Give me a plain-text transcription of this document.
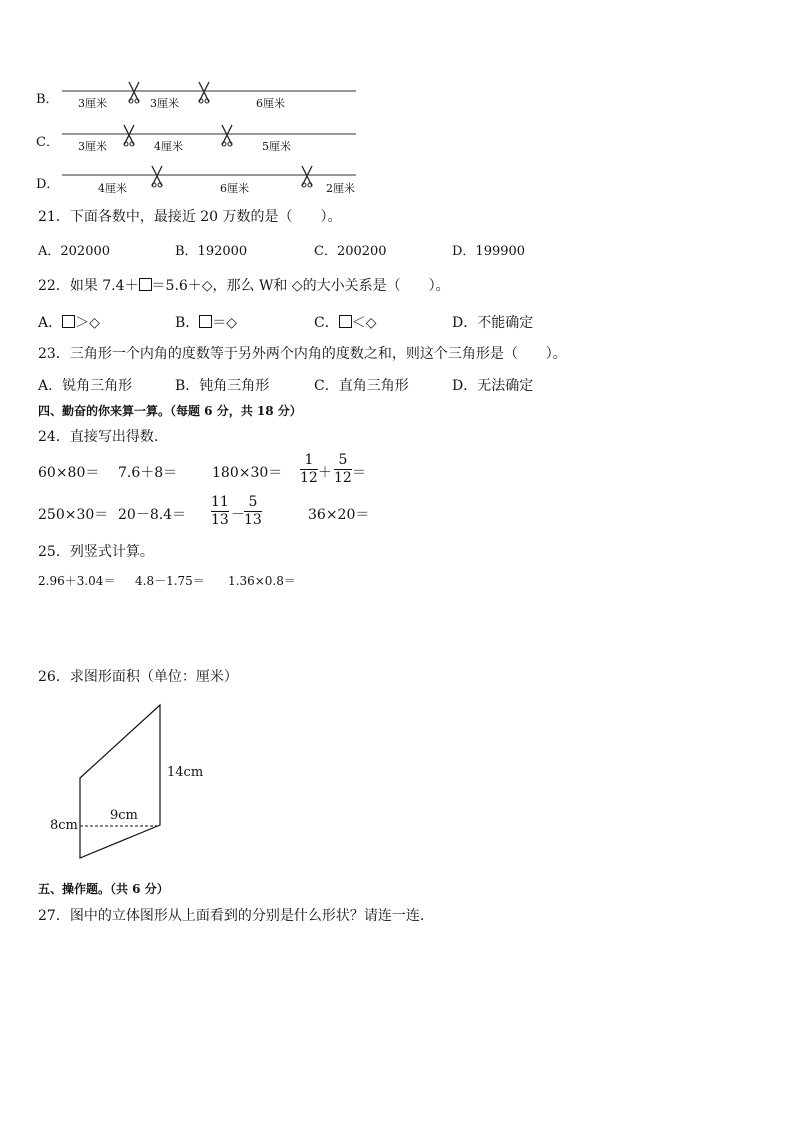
B． 3厘米	3厘米	6厘米
C． 3厘米	4厘米	5厘米
D．	4厘米	6厘米	2厘米
21．下面各数中，最接近 20 万数的是（　　）。
A．202000	B．192000	C．200200	D．199900
22．如果 7.4＋ ＝5.6＋◇，那么 W和 ◇的大小关系是（　　）。
A． ＞◇	B． ＝◇	C． ＜◇	D．不能确定
23．三角形一个内角的度数等于另外两个内角的度数之和，则这个三角形是（　　）。
A．锐角三角形	B．钝角三角形	C．直角三角形	D．无法确定
四、勤奋的你来算一算。（每题 6 分，共 18 分）
24．直接写出得数.
60×80＝ 7.6＋8＝ 180×30＝
1
12 ＋
5
12 ＝
250×30＝ 20－8.4＝
11
13 －
5
13	36×20＝
25．列竖式计算。
2.96＋3.04＝ 4.8－1.75＝ 1.36×0.8＝
26．求图形面积（单位：厘米）
14cm
9cm
8cm
五、操作题。（共 6 分）
27．图中的立体图形从上面看到的分别是什么形状？请连一连.
